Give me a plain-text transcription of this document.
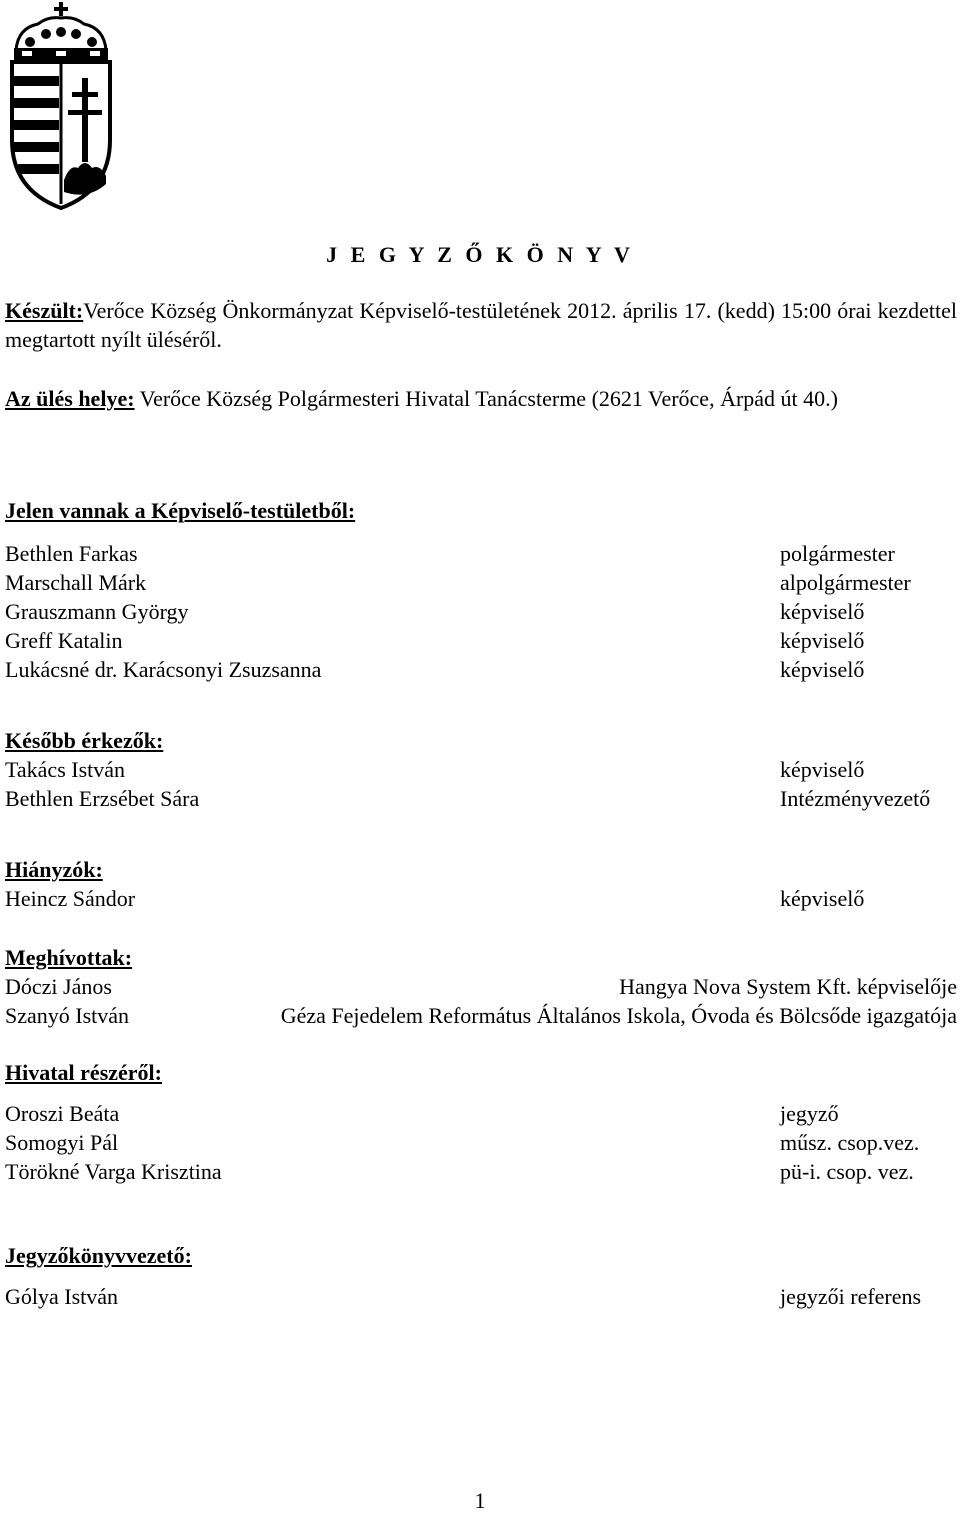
J E G Y Z Ő K Ö N Y V
Készült:Verőce Község Önkormányzat Képviselő-testületének 2012. április 17. (kedd) 15:00 órai kezdettel megtartott nyílt üléséről.
Az ülés helye: Verőce Község Polgármesteri Hivatal Tanácsterme (2621 Verőce, Árpád út 40.)
Jelen vannak a Képviselő-testületből:
Bethlen Farkas	polgármester
Marschall Márk	alpolgármester
Grauszmann György	képviselő
Greff Katalin	képviselő
Lukácsné dr. Karácsonyi Zsuzsanna	képviselő
Később érkezők:
Takács István	képviselő
Bethlen Erzsébet Sára	Intézményvezető
Hiányzók:
Heincz Sándor	képviselő
Meghívottak:
Dóczi János	Hangya Nova System Kft. képviselője
Szanyó István	Géza Fejedelem Református Általános Iskola, Óvoda és Bölcsőde igazgatója
Hivatal részéről:
Oroszi Beáta	jegyző
Somogyi Pál	műsz. csop.vez.
Törökné Varga Krisztina	pü-i. csop. vez.
Jegyzőkönyvvezető:
Gólya István	jegyzői referens
1
